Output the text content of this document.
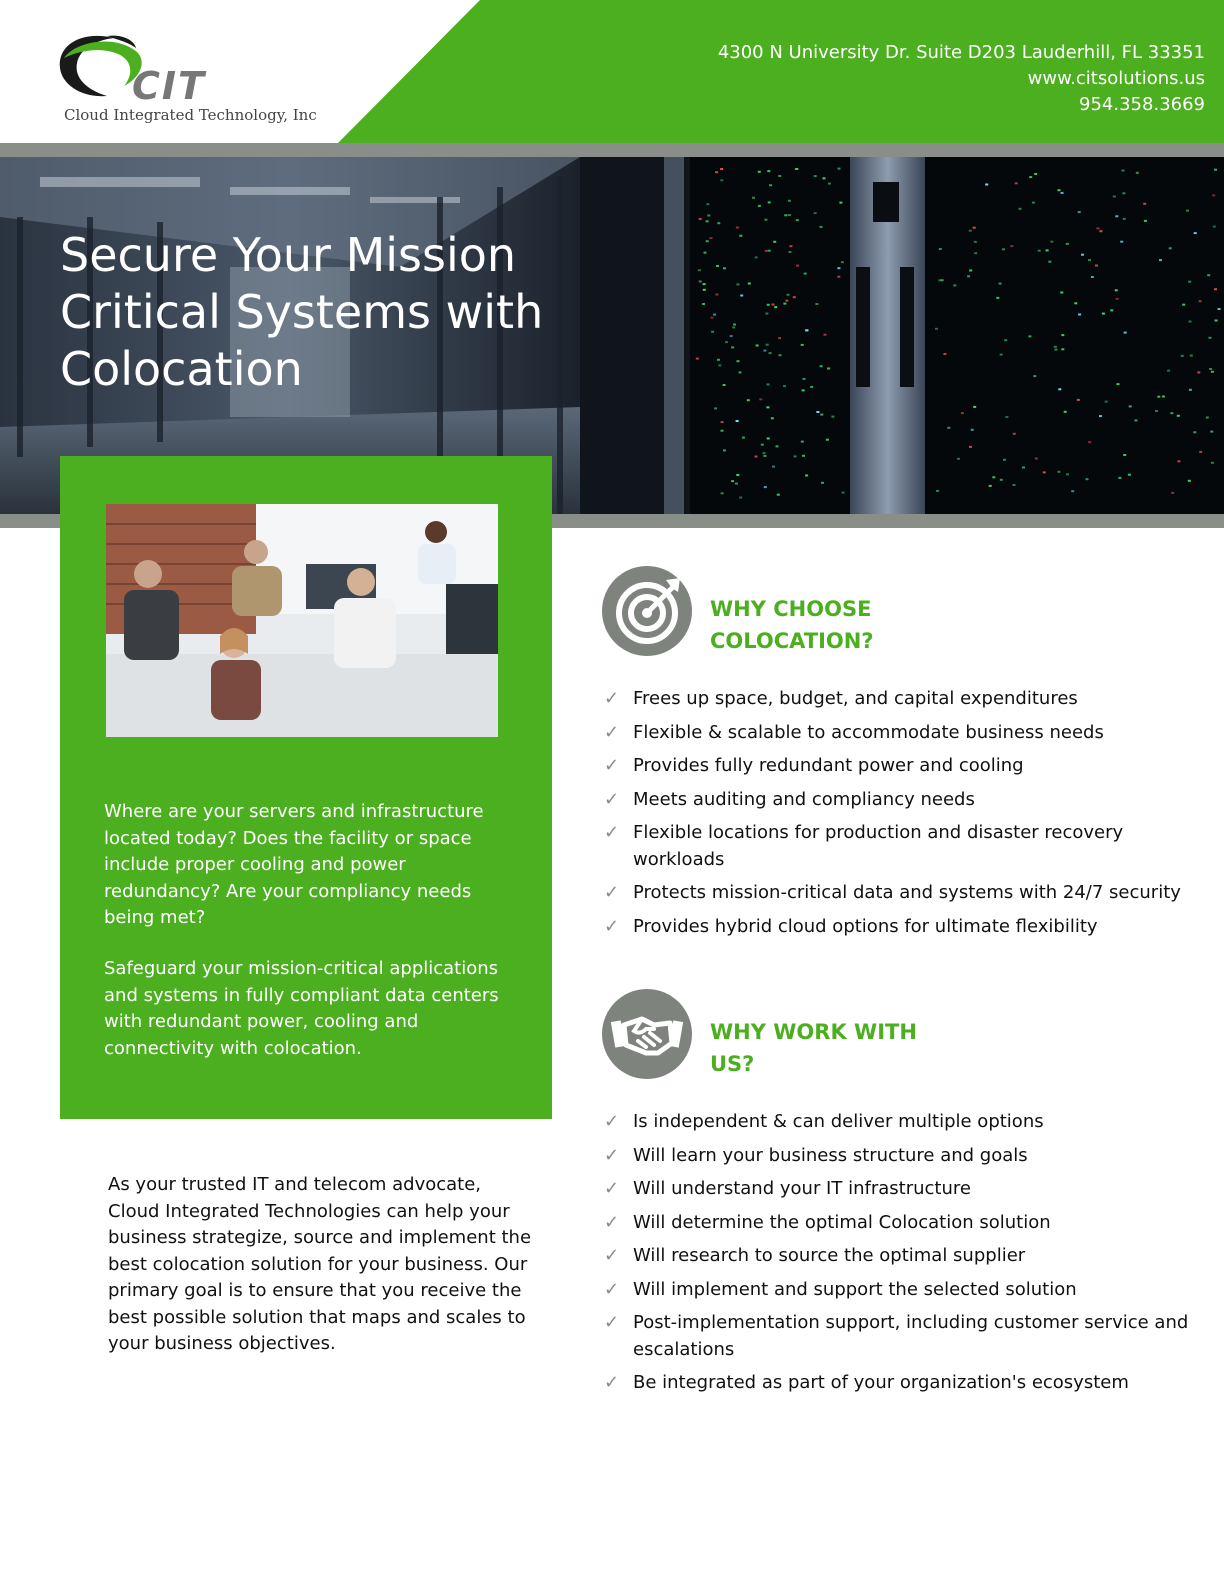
CIT
Cloud Integrated Technology, Inc
4300 N University Dr. Suite D203 Lauderhill, FL 33351
www.citsolutions.us
954.358.3669
Secure Your Mission
Critical Systems with
Colocation

Where are your servers and infrastructure located today? Does the facility or space include proper cooling and power redundancy? Are your compliancy needs being met?

Safeguard your mission-critical applications and systems in fully compliant data centers with redundant power, cooling and connectivity with colocation.

As your trusted IT and telecom advocate, Cloud Integrated Technologies can help your business strategize, source and implement the best colocation solution for your business. Our primary goal is to ensure that you receive the best possible solution that maps and scales to your business objectives.

WHY CHOOSE
COLOCATION?
✓ Frees up space, budget, and capital expenditures
✓ Flexible & scalable to accommodate business needs
✓ Provides fully redundant power and cooling
✓ Meets auditing and compliancy needs
✓ Flexible locations for production and disaster recovery workloads
✓ Protects mission-critical data and systems with 24/7 security
✓ Provides hybrid cloud options for ultimate flexibility
WHY WORK WITH
US?
✓ Is independent & can deliver multiple options
✓ Will learn your business structure and goals
✓ Will understand your IT infrastructure
✓ Will determine the optimal Colocation solution
✓ Will research to source the optimal supplier
✓ Will implement and support the selected solution
✓ Post-implementation support, including customer service and escalations
✓ Be integrated as part of your organization's ecosystem
